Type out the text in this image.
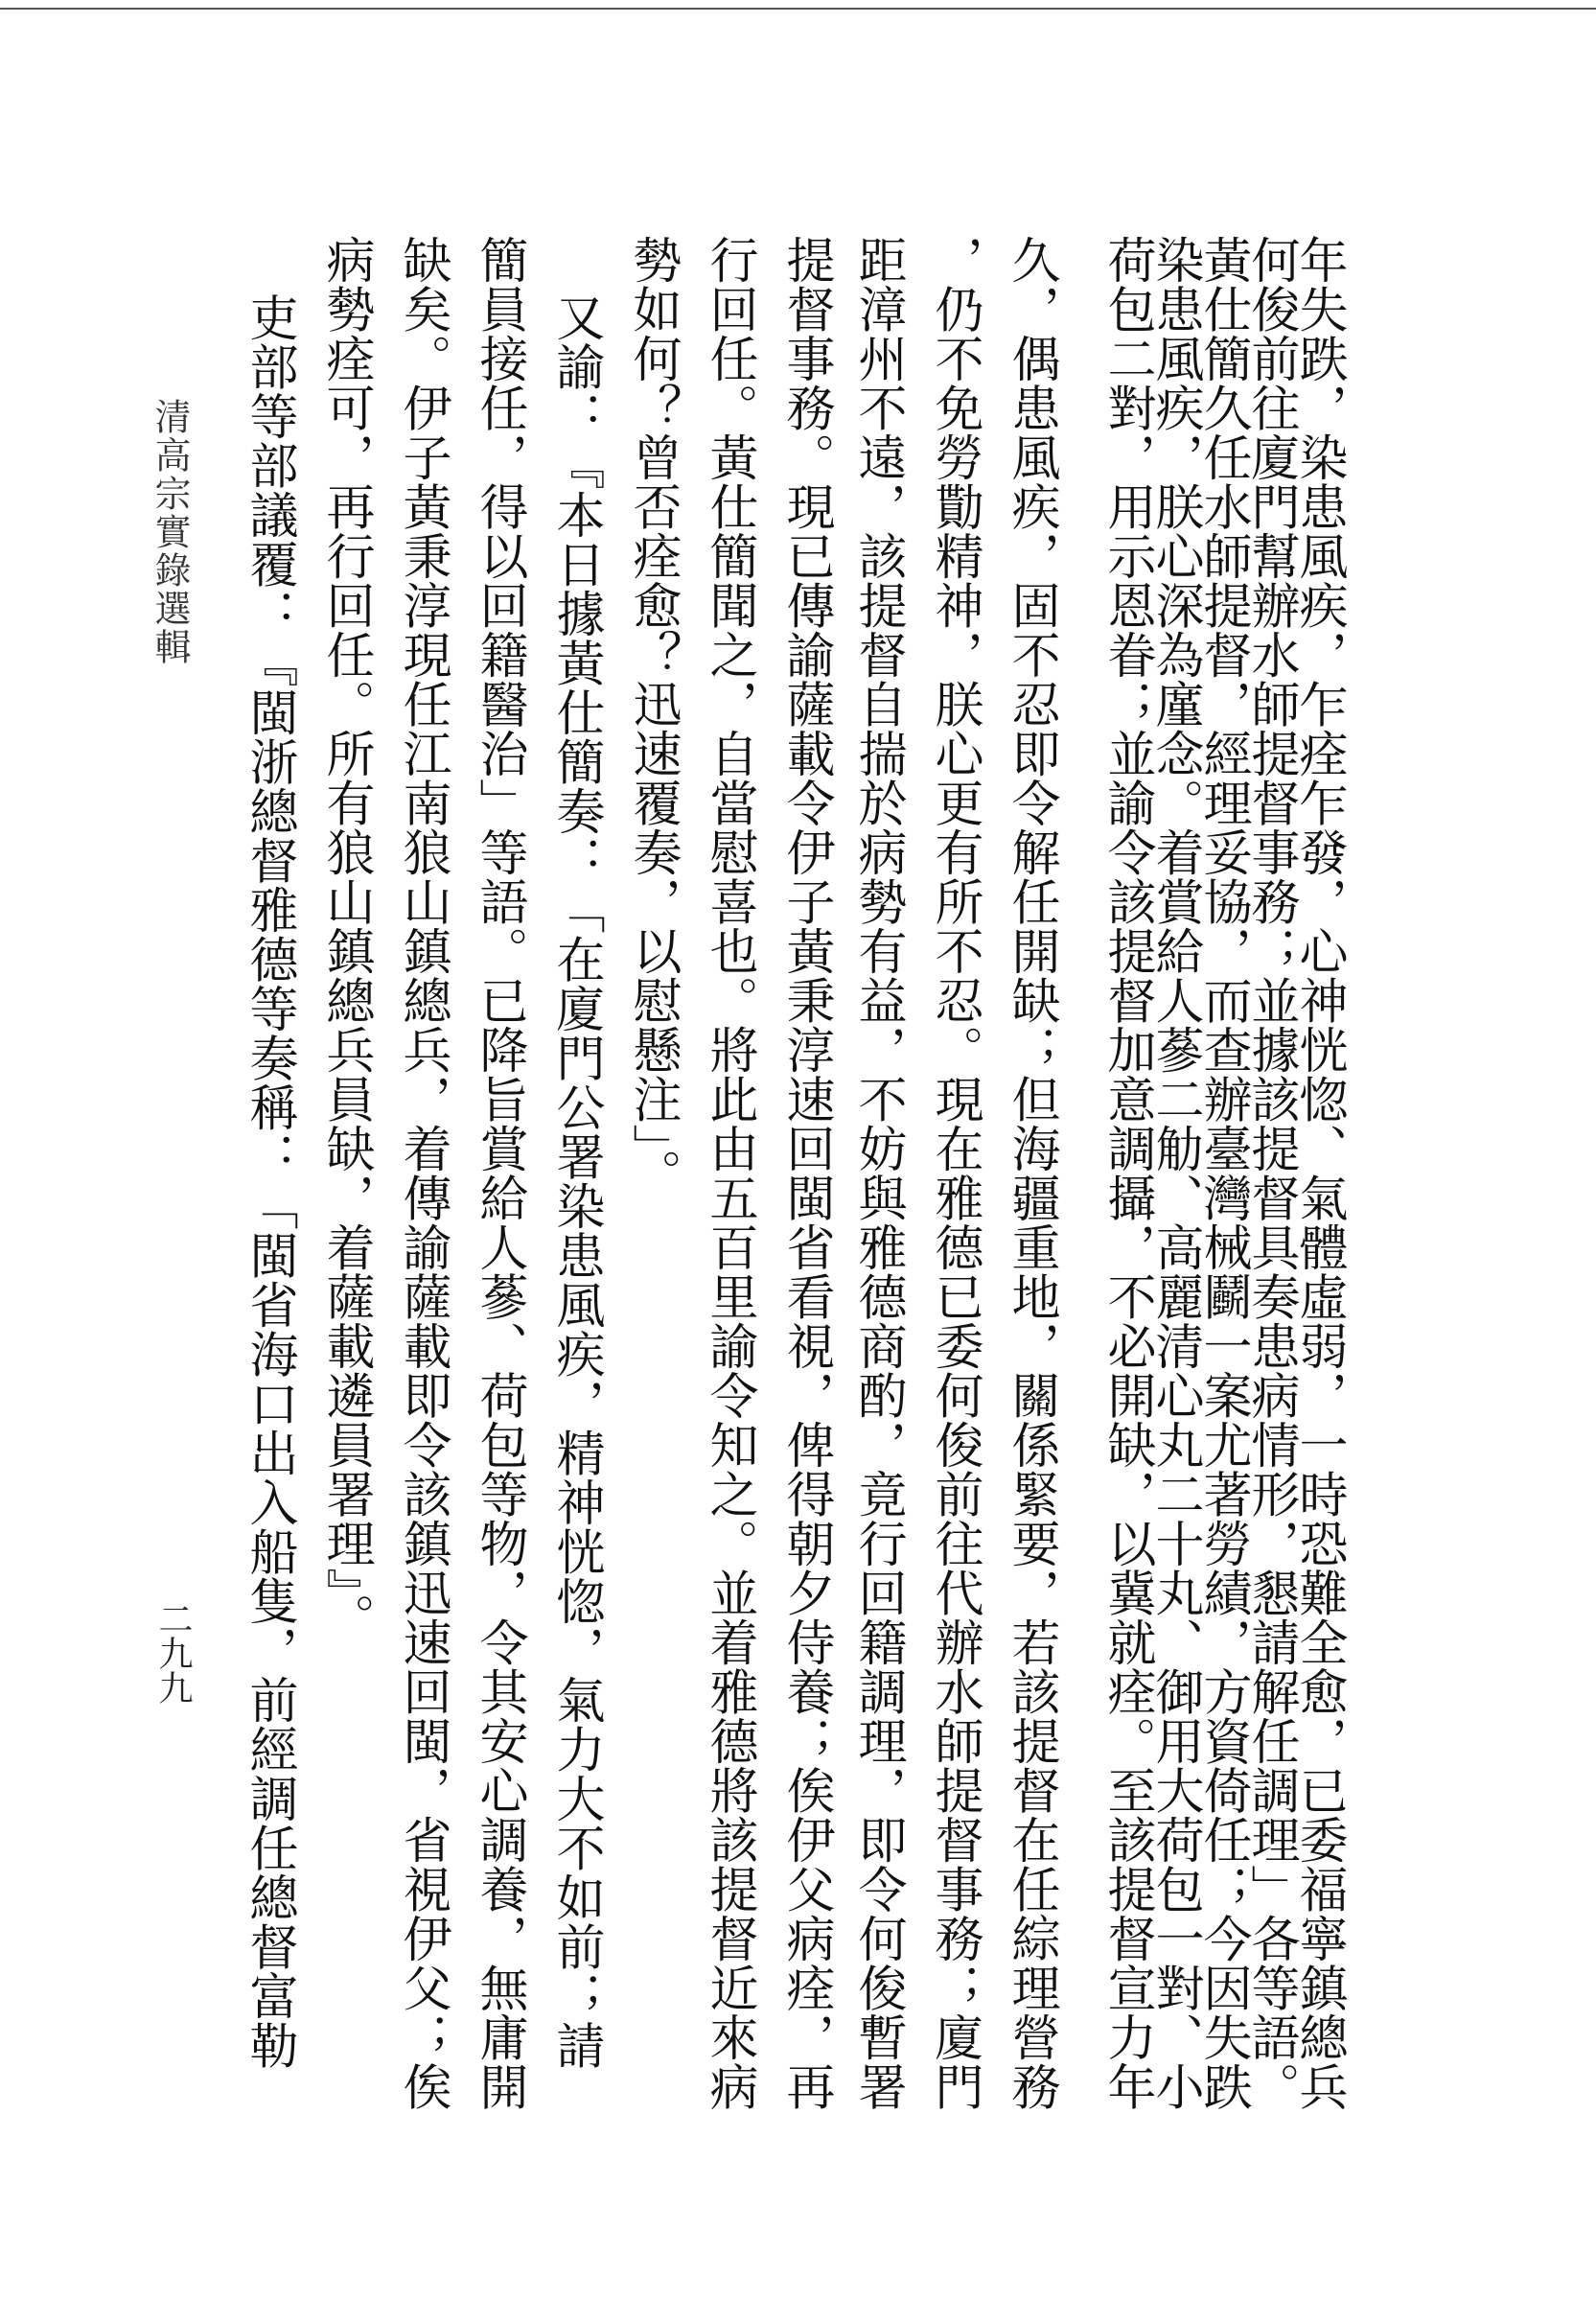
年失跌，染患風疾，乍痊乍發，心神恍惚、氣體虛弱，一時恐難全愈，已委福寧鎮總兵
何俊前往廈門幫辦水師提督事務；並據該提督具奏患病情形，懇請解任調理」各等語。
黃仕簡久任水師提督，經理妥協，而查辦臺灣械鬬一案尤著勞績，方資倚任；今因失跌
染患風疾，朕心深為廑念。着賞給人蔘二觔、高麗清心丸二十丸、御用大荷包一對、小
荷包二對，用示恩眷；並諭令該提督加意調攝，不必開缺，以冀就痊。至該提督宣力年
久，偶患風疾，固不忍即令解任開缺；但海疆重地，關係緊要，若該提督在任綜理營務
，仍不免勞勩精神，朕心更有所不忍。現在雅德已委何俊前往代辦水師提督事務；廈門
距漳州不遠，該提督自揣於病勢有益，不妨與雅德商酌，竟行回籍調理，即令何俊暫署
提督事務。現已傳諭薩載令伊子黃秉淳速回閩省看視，俾得朝夕侍養；俟伊父病痊，再
行回任。黃仕簡聞之，自當慰喜也。將此由五百里諭令知之。並着雅德將該提督近來病
勢如何？曾否痊愈？迅速覆奏，以慰懸注」。
又諭：『本日據黃仕簡奏：「在廈門公署染患風疾，精神恍惚，氣力大不如前；請
簡員接任，得以回籍醫治」等語。已降旨賞給人蔘、荷包等物，令其安心調養，無庸開
缺矣。伊子黃秉淳現任江南狼山鎮總兵，着傳諭薩載即令該鎮迅速回閩，省視伊父；俟
病勢痊可，再行回任。所有狼山鎮總兵員缺，着薩載遴員署理』。
吏部等部議覆：『閩浙總督雅德等奏稱：「閩省海口出入船隻，前經調任總督富勒
清高宗實錄選輯
二九九
